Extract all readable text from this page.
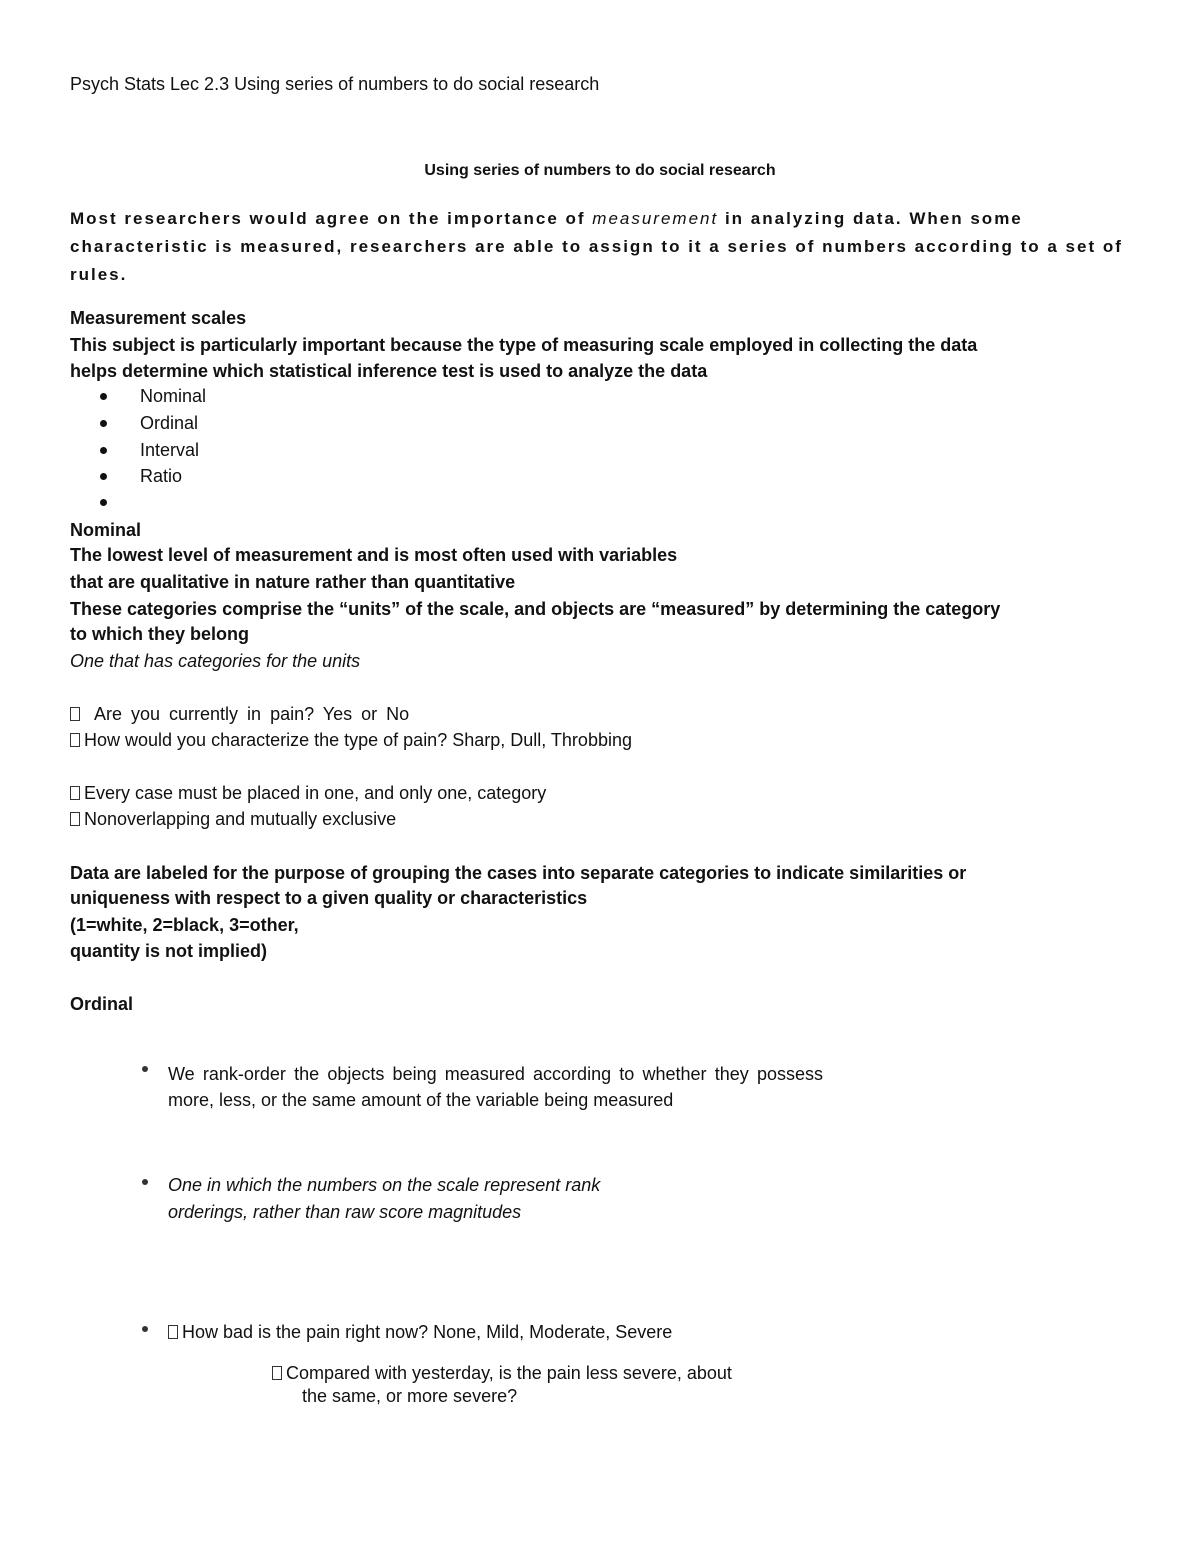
Psych Stats Lec 2.3 Using series of numbers to do social research
Using series of numbers to do social research
Most researchers would agree on the importance of measurement in analyzing data. When some characteristic is measured, researchers are able to assign to it a series of numbers according to a set of rules.
Measurement scales
This subject is particularly important because the type of measuring scale employed in collecting the data
helps determine which statistical inference test is used to analyze the data
Nominal
Ordinal
Interval
Ratio
Nominal
The lowest level of measurement and is most often used with variables
that are qualitative in nature rather than quantitative
These categories comprise the “units” of the scale, and objects are “measured” by determining the category
to which they belong
One that has categories for the units
Are you currently in pain? Yes or No
How would you characterize the type of pain? Sharp, Dull, Throbbing
Every case must be placed in one, and only one, category
Nonoverlapping and mutually exclusive
Data are labeled for the purpose of grouping the cases into separate categories to indicate similarities or
uniqueness with respect to a given quality or characteristics
(1=white, 2=black, 3=other,
quantity is not implied)
Ordinal
We rank-order the objects being measured according to whether they possess more, less, or the same amount of the variable being measured
One in which the numbers on the scale represent rank
orderings, rather than raw score magnitudes
How bad is the pain right now? None, Mild, Moderate, Severe
Compared with yesterday, is the pain less severe, about
the same, or more severe?
